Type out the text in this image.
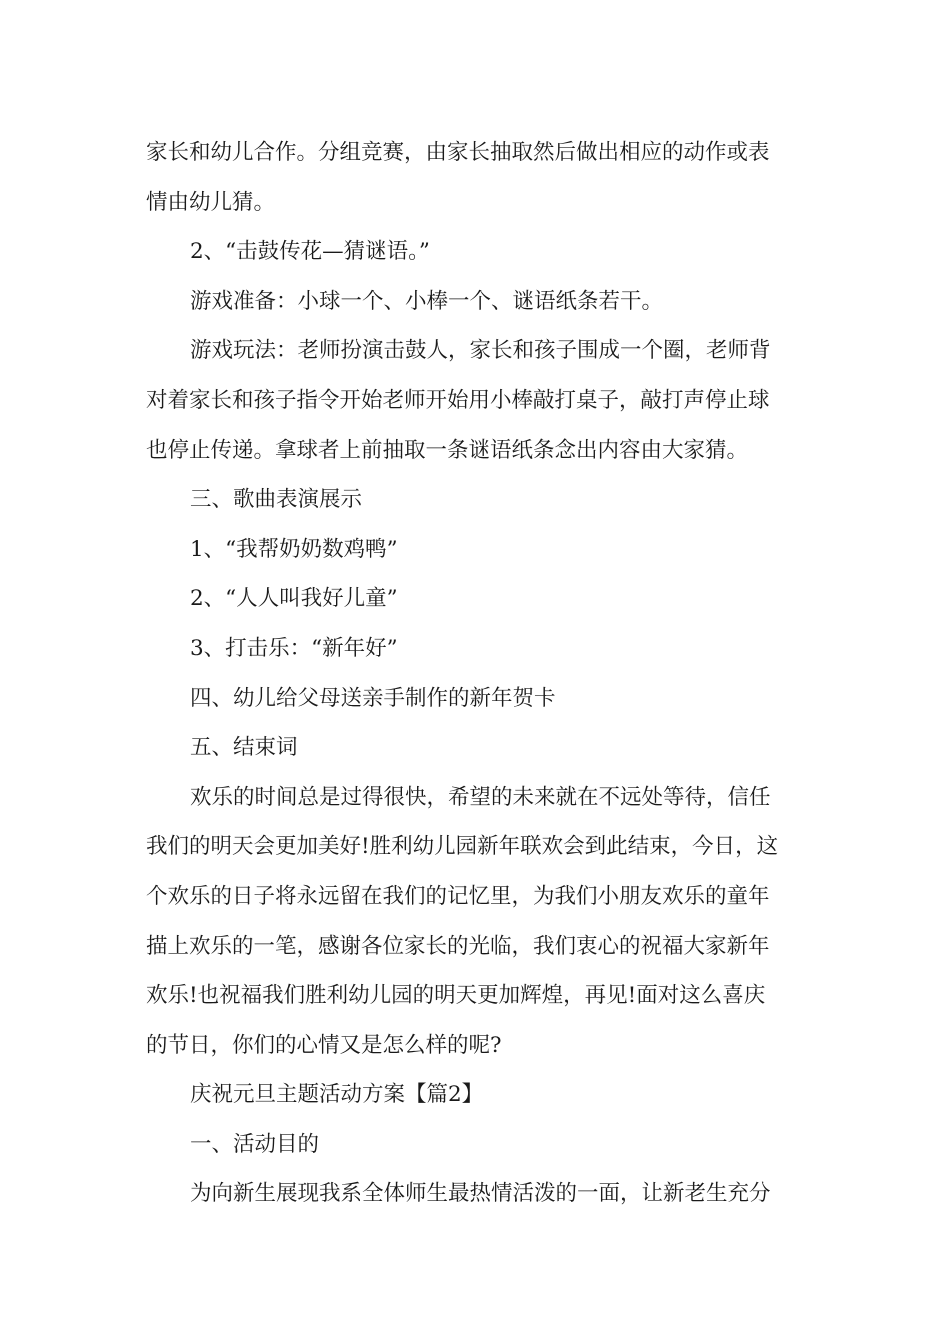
家长和幼儿合作。分组竞赛，由家长抽取然后做出相应的动作或表
情由幼儿猜。
2、“击鼓传花—猜谜语。”
游戏准备：小球一个、小棒一个、谜语纸条若干。
游戏玩法：老师扮演击鼓人，家长和孩子围成一个圈，老师背
对着家长和孩子指令开始老师开始用小棒敲打桌子，敲打声停止球
也停止传递。拿球者上前抽取一条谜语纸条念出内容由大家猜。
三、歌曲表演展示
1、“我帮奶奶数鸡鸭”
2、“人人叫我好儿童”
3、打击乐：“新年好”
四、幼儿给父母送亲手制作的新年贺卡
五、结束词
欢乐的时间总是过得很快，希望的未来就在不远处等待，信任
我们的明天会更加美好!胜利幼儿园新年联欢会到此结束，今日，这
个欢乐的日子将永远留在我们的记忆里，为我们小朋友欢乐的童年
描上欢乐的一笔，感谢各位家长的光临，我们衷心的祝福大家新年
欢乐!也祝福我们胜利幼儿园的明天更加辉煌，再见!面对这么喜庆
的节日，你们的心情又是怎么样的呢?
庆祝元旦主题活动方案【篇2】
一、活动目的
为向新生展现我系全体师生最热情活泼的一面，让新老生充分
